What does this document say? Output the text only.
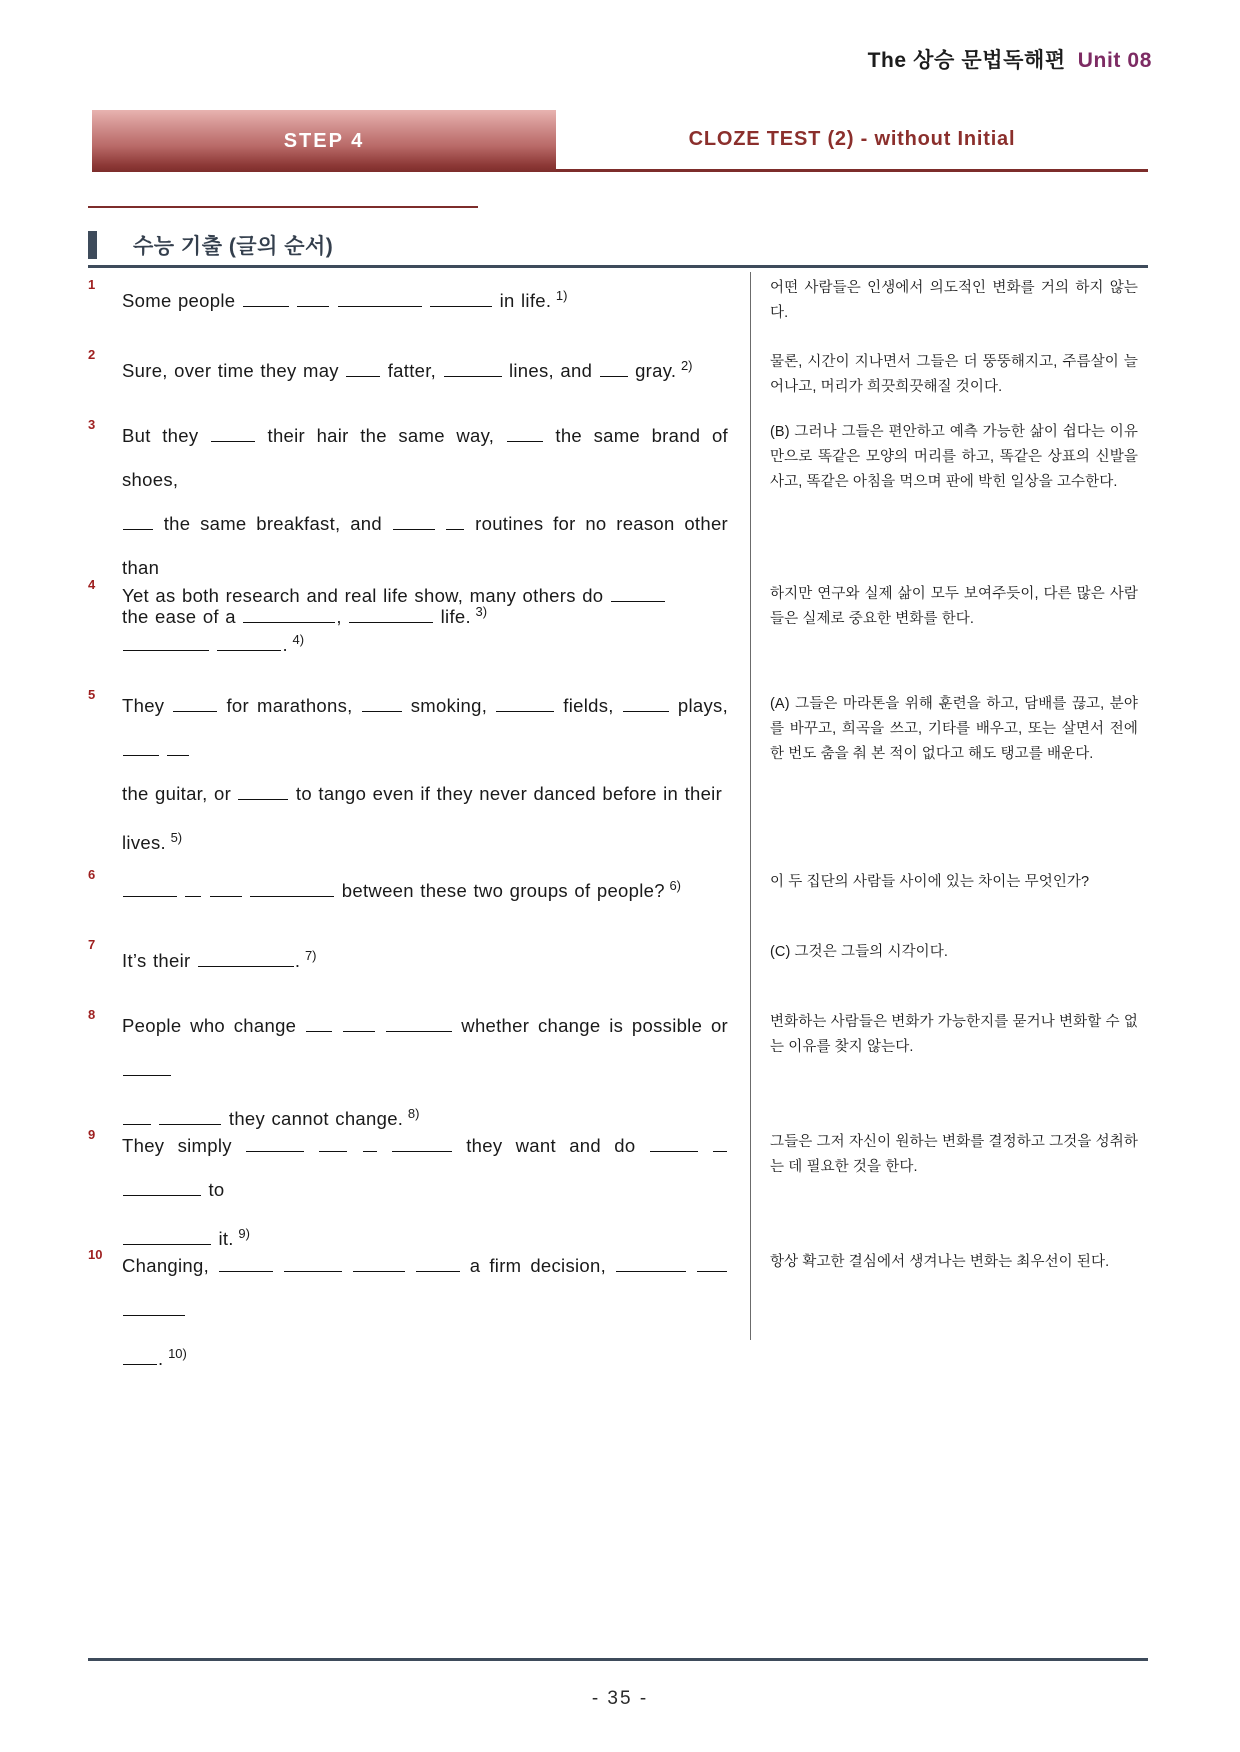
The 상승 문법독해편 Unit 08
STEP 4	CLOZE TEST (2) - without Initial
수능 기출 (글의 순서)
1
Some people	in life. $^{1)}$
2
Sure, over time they may  fatter,	lines, and  gray. $^{2)}$
3
But they  their hair the same way,  the same brand of shoes,
the same breakfast, and	routines for no reason other than
the ease of a	,	life. $^{3)}$
4
Yet as both research and real life show, many others do
. $^{4)}$
5
They  for marathons,  smoking,	fields,	plays,
the guitar, or	to tango even if they never danced before in their
lives. $^{5)}$
6
between these two groups of people? $^{6)}$
7
It’s their	. $^{7)}$
8
People who change	whether change is possible or
they cannot change. $^{8)}$
9
They simply	they want and do    to
it. $^{9)}$
10
Changing,	a firm decision,
. $^{10)}$
어떤 사람들은 인생에서 의도적인 변화를 거의 하지 않는다.
물론, 시간이 지나면서 그들은 더 뚱뚱해지고, 주름살이 늘어나고, 머리가 희끗희끗해질 것이다.
(B) 그러나 그들은 편안하고 예측 가능한 삶이 쉽다는 이유만으로 똑같은 모양의 머리를 하고, 똑같은 상표의 신발을 사고, 똑같은 아침을 먹으며 판에 박힌 일상을 고수한다.
하지만 연구와 실제 삶이 모두 보여주듯이, 다른 많은 사람들은 실제로 중요한 변화를 한다.
(A) 그들은 마라톤을 위해 훈련을 하고, 담배를 끊고, 분야를 바꾸고, 희곡을 쓰고, 기타를 배우고, 또는 살면서 전에 한 번도 춤을 춰 본 적이 없다고 해도 탱고를 배운다.
이 두 집단의 사람들 사이에 있는 차이는 무엇인가?
(C) 그것은 그들의 시각이다.
변화하는 사람들은 변화가 가능한지를 묻거나 변화할 수 없는 이유를 찾지 않는다.
그들은 그저 자신이 원하는 변화를 결정하고 그것을 성취하는 데 필요한 것을 한다.
항상 확고한 결심에서 생겨나는 변화는 최우선이 된다.
- 35 -
